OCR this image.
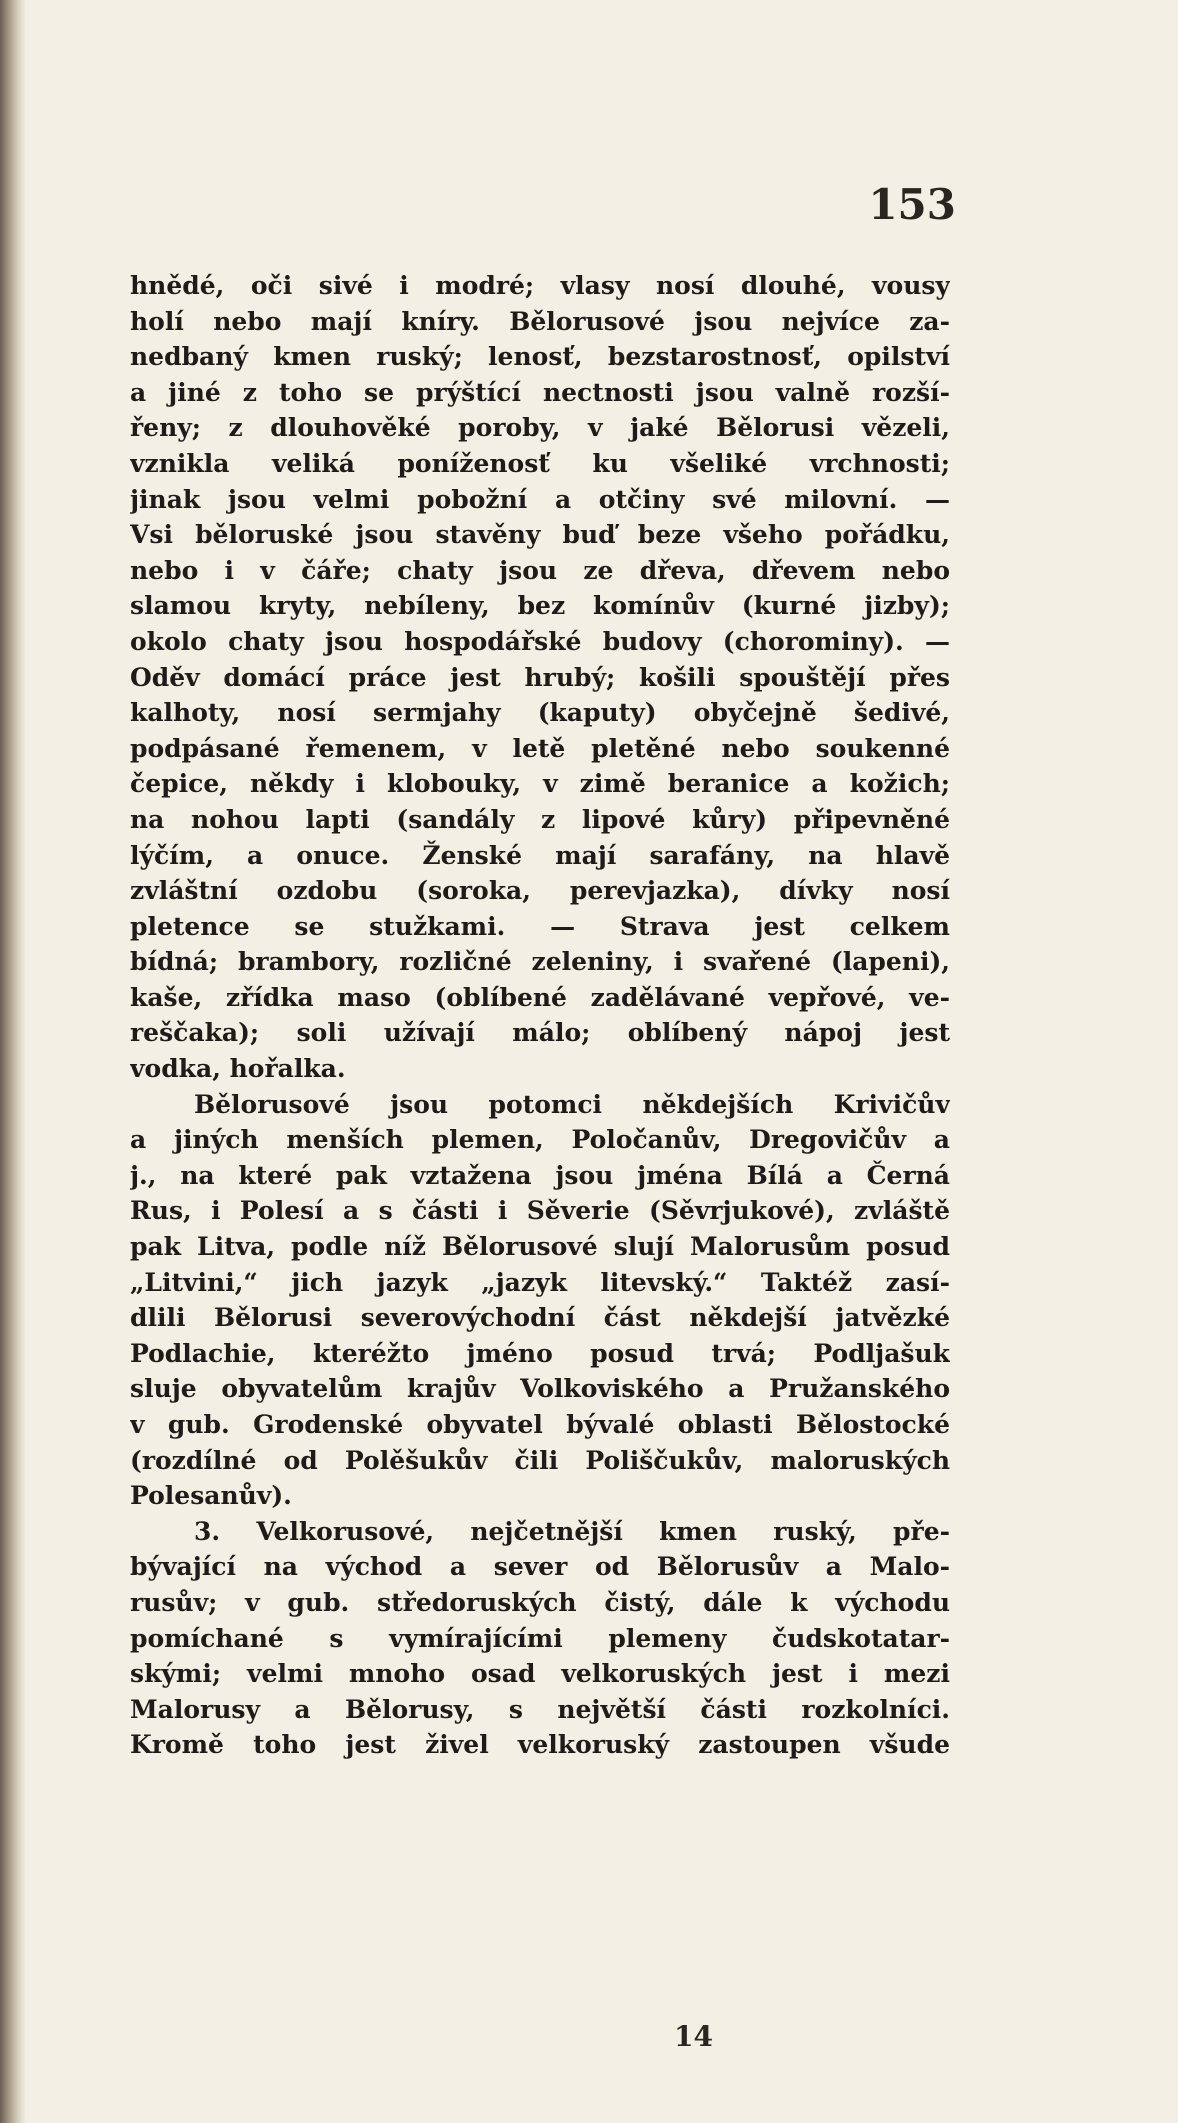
153
hnědé, oči sivé i modré; vlasy nosí dlouhé, vousy
holí nebo mají kníry. Bělorusové jsou nejvíce za-
nedbaný kmen ruský; lenosť, bezstarostnosť, opilství
a jiné z toho se prýštící nectnosti jsou valně rozší-
řeny; z dlouhověké poroby, v jaké Bělorusi vězeli,
vznikla veliká poníženosť ku všeliké vrchnosti;
jinak jsou velmi pobožní a otčiny své milovní. —
Vsi běloruské jsou stavěny buď beze všeho pořádku,
nebo i v čáře; chaty jsou ze dřeva, dřevem nebo
slamou kryty, nebíleny, bez komínův (kurné jizby);
okolo chaty jsou hospodářské budovy (chorominy). —
Oděv domácí práce jest hrubý; košili spouštějí přes
kalhoty, nosí sermjahy (kaputy) obyčejně šedivé,
podpásané řemenem, v letě pletěné nebo soukenné
čepice, někdy i klobouky, v zimě beranice a kožich;
na nohou lapti (sandály z lipové kůry) připevněné
lýčím, a onuce. Ženské mají sarafány, na hlavě
zvláštní ozdobu (soroka, perevjazka), dívky nosí
pletence se stužkami. — Strava jest celkem
bídná; brambory, rozličné zeleniny, i svařené (lapeni),
kaše, zřídka maso (oblíbené zadělávané vepřové, ve-
reščaka); soli užívají málo; oblíbený nápoj jest
vodka, hořalka.
Bělorusové jsou potomci někdejších Krivičův
a jiných menších plemen, Poločanův, Dregovičův a
j., na které pak vztažena jsou jména Bílá a Černá
Rus, i Polesí a s části i Sěverie (Sěvrjukové), zvláště
pak Litva, podle níž Bělorusové slují Malorusům posud
„Litvini,“ jich jazyk „jazyk litevský.“ Taktéž zasí-
dlili Bělorusi severovýchodní část někdejší jatvězké
Podlachie, kteréžto jméno posud trvá; Podljašuk
sluje obyvatelům krajův Volkoviského a Pružanského
v gub. Grodenské obyvatel bývalé oblasti Bělostocké
(rozdílné od Polěšukův čili Poliščukův, maloruských
Polesanův).
3. Velkorusové, nejčetnější kmen ruský, pře-
bývající na východ a sever od Bělorusův a Malo-
rusův; v gub. středoruských čistý, dále k východu
pomíchané s vymírajícími plemeny čudskotatar-
skými; velmi mnoho osad velkoruských jest i mezi
Malorusy a Bělorusy, s největší části rozkolníci.
Kromě toho jest živel velkoruský zastoupen všude
14
